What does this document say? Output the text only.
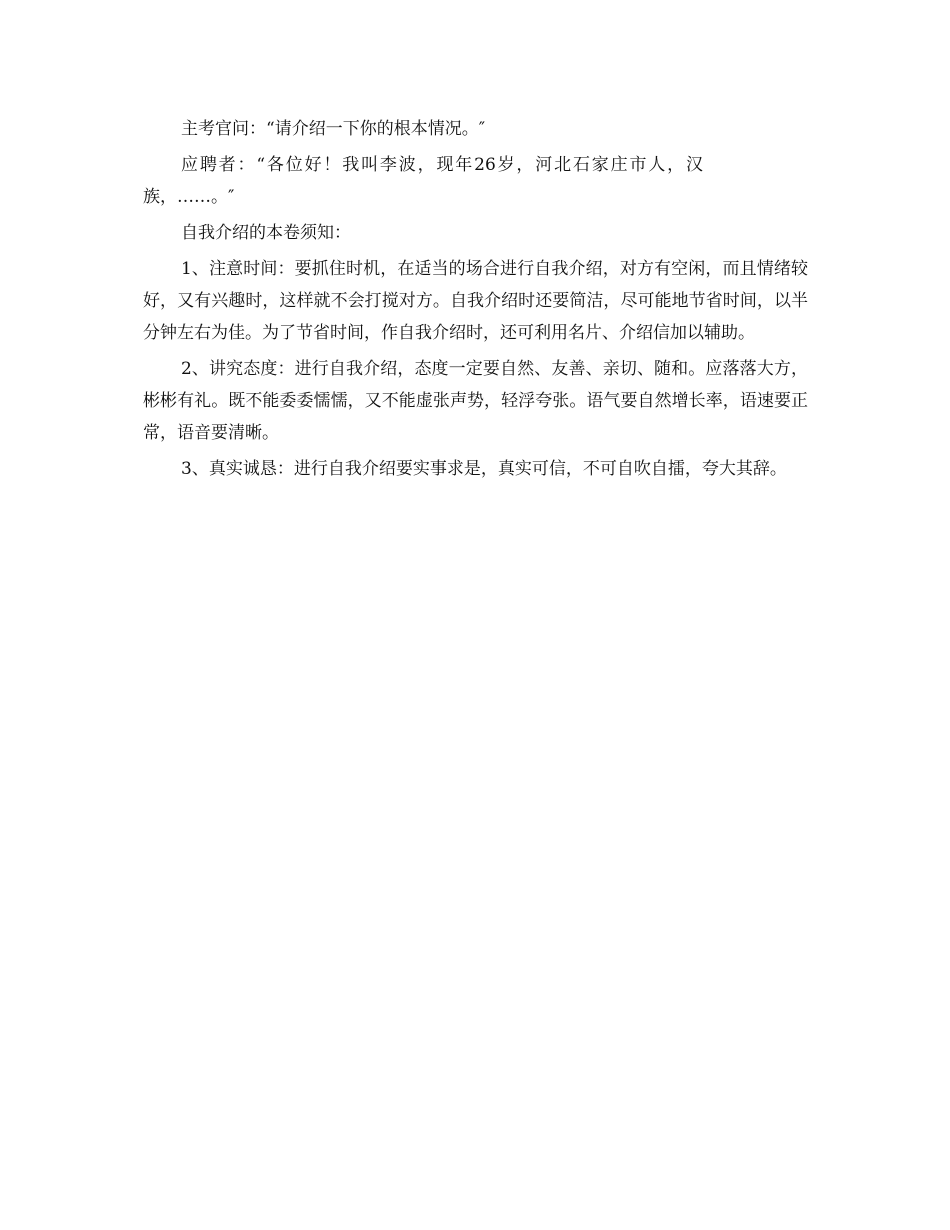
主考官问：“请介绍一下你的根本情况。″

应聘者：“各位好！我叫李波，现年26岁，河北石家庄市人，汉族，……。″

自我介绍的本卷须知：

1、注意时间：要抓住时机，在适当的场合进行自我介绍，对方有空闲，而且情绪较好，又有兴趣时，这样就不会打搅对方。自我介绍时还要简洁，尽可能地节省时间，以半分钟左右为佳。为了节省时间，作自我介绍时，还可利用名片、介绍信加以辅助。

2、讲究态度：进行自我介绍，态度一定要自然、友善、亲切、随和。应落落大方，彬彬有礼。既不能委委懦懦，又不能虚张声势，轻浮夸张。语气要自然增长率，语速要正常，语音要清晰。

3、真实诚恳：进行自我介绍要实事求是，真实可信，不可自吹自擂，夸大其辞。
